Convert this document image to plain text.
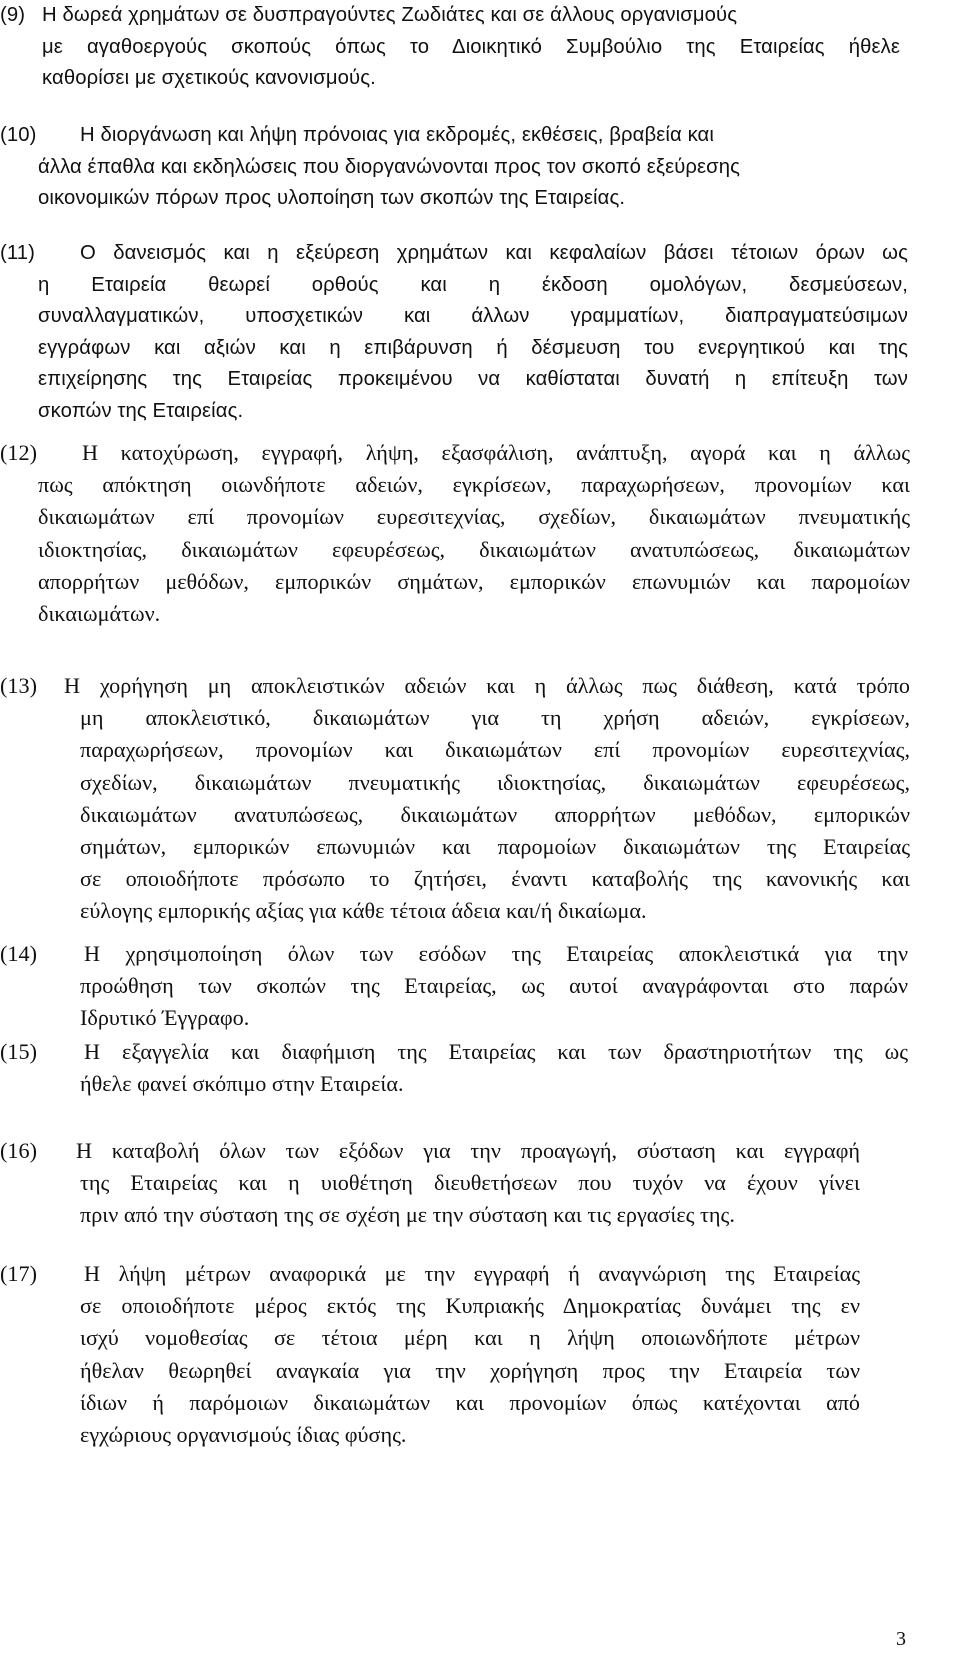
(9) Η δωρεά χρημάτων σε δυσπραγούντες Ζωδιάτες και σε άλλους οργανισμούς
με αγαθοεργούς σκοπούς όπως το Διοικητικό Συμβούλιο της Εταιρείας ήθελε
καθορίσει με σχετικούς κανονισμούς.
(10) Η διοργάνωση και λήψη πρόνοιας για εκδρομές, εκθέσεις, βραβεία και
άλλα έπαθλα και εκδηλώσεις που διοργανώνονται προς τον σκοπό εξεύρεσης
οικονομικών πόρων προς υλοποίηση των σκοπών της Εταιρείας.
(11) Ο δανεισμός και η εξεύρεση χρημάτων και κεφαλαίων βάσει τέτοιων όρων ως
η Εταιρεία θεωρεί ορθούς και η έκδοση ομολόγων, δεσμεύσεων,
συναλλαγματικών, υποσχετικών και άλλων γραμματίων, διαπραγματεύσιμων
εγγράφων και αξιών και η επιβάρυνση ή δέσμευση του ενεργητικού και της
επιχείρησης της Εταιρείας προκειμένου να καθίσταται δυνατή η επίτευξη των
σκοπών της Εταιρείας.
(12) Η κατοχύρωση, εγγραφή, λήψη, εξασφάλιση, ανάπτυξη, αγορά και η άλλως
πως απόκτηση οιωνδήποτε αδειών, εγκρίσεων, παραχωρήσεων, προνομίων και
δικαιωμάτων επί προνομίων ευρεσιτεχνίας, σχεδίων, δικαιωμάτων πνευματικής
ιδιοκτησίας, δικαιωμάτων εφευρέσεως, δικαιωμάτων ανατυπώσεως, δικαιωμάτων
απορρήτων μεθόδων, εμπορικών σημάτων, εμπορικών επωνυμιών και παρομοίων
δικαιωμάτων.
(13) Η χορήγηση μη αποκλειστικών αδειών και η άλλως πως διάθεση, κατά τρόπο
μη αποκλειστικό, δικαιωμάτων για τη χρήση αδειών, εγκρίσεων,
παραχωρήσεων, προνομίων και δικαιωμάτων επί προνομίων ευρεσιτεχνίας,
σχεδίων, δικαιωμάτων πνευματικής ιδιοκτησίας, δικαιωμάτων εφευρέσεως,
δικαιωμάτων ανατυπώσεως, δικαιωμάτων απορρήτων μεθόδων, εμπορικών
σημάτων, εμπορικών επωνυμιών και παρομοίων δικαιωμάτων της Εταιρείας
σε οποιοδήποτε πρόσωπο το ζητήσει, έναντι καταβολής της κανονικής και
εύλογης εμπορικής αξίας για κάθε τέτοια άδεια και/ή δικαίωμα.
(14) Η χρησιμοποίηση όλων των εσόδων της Εταιρείας αποκλειστικά για την
προώθηση των σκοπών της Εταιρείας, ως αυτοί αναγράφονται στο παρών
Ιδρυτικό Έγγραφο.
(15) Η εξαγγελία και διαφήμιση της Εταιρείας και των δραστηριοτήτων της ως
ήθελε φανεί σκόπιμο στην Εταιρεία.
(16) Η καταβολή όλων των εξόδων για την προαγωγή, σύσταση και εγγραφή
της Εταιρείας και η υιοθέτηση διευθετήσεων που τυχόν να έχουν γίνει
πριν από την σύσταση της σε σχέση με την σύσταση και τις εργασίες της.
(17) Η λήψη μέτρων αναφορικά με την εγγραφή ή αναγνώριση της Εταιρείας
σε οποιοδήποτε μέρος εκτός της Κυπριακής Δημοκρατίας δυνάμει της εν
ισχύ νομοθεσίας σε τέτοια μέρη και η λήψη οποιωνδήποτε μέτρων
ήθελαν θεωρηθεί αναγκαία για την χορήγηση προς την Εταιρεία των
ίδιων ή παρόμοιων δικαιωμάτων και προνομίων όπως κατέχονται από
εγχώριους οργανισμούς ίδιας φύσης.
3
